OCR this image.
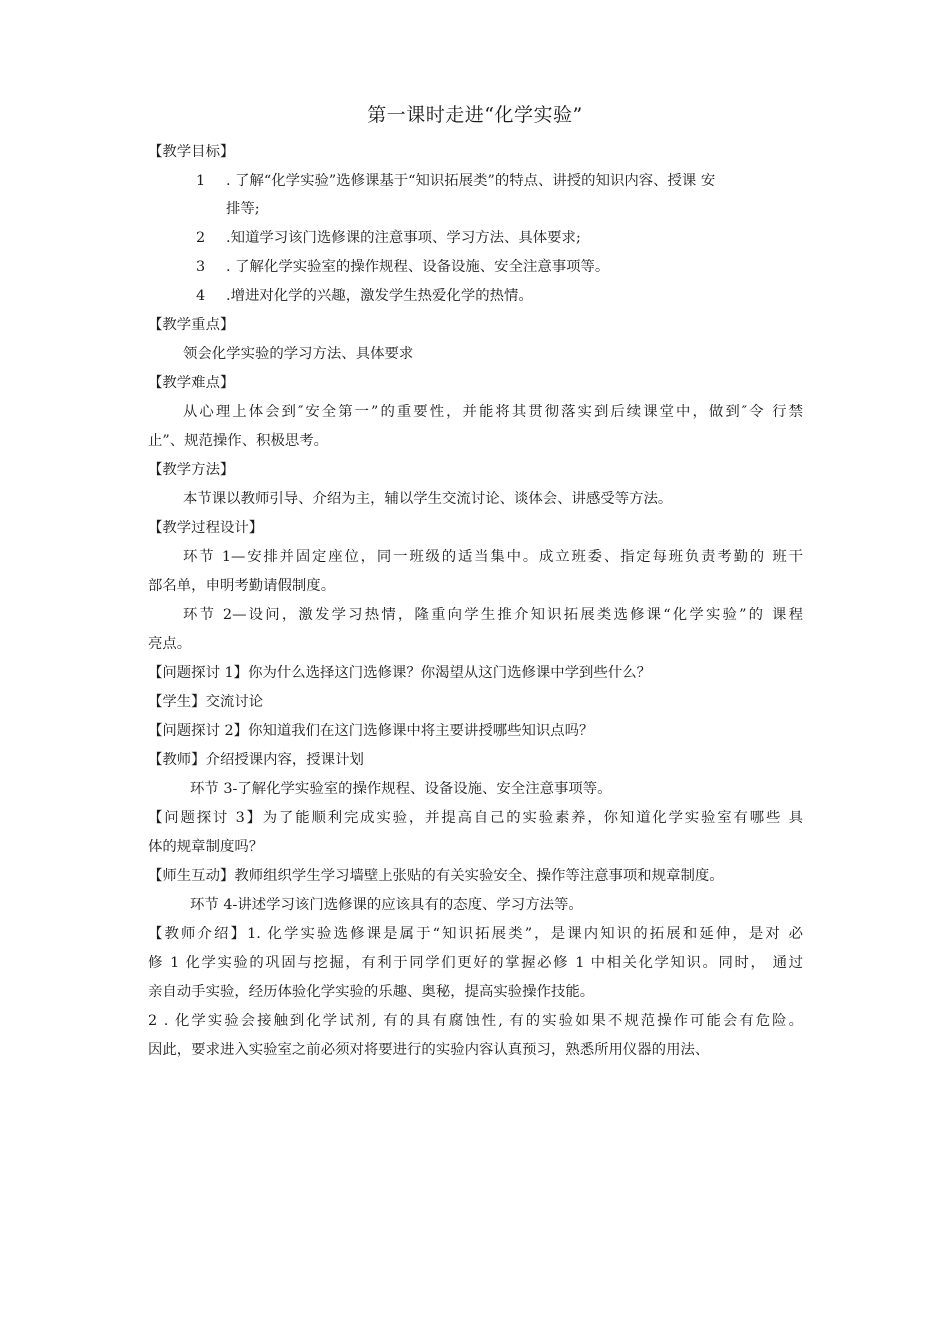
第一课时走进“化学实验”
【教学目标】
1 . 了解“化学实验”选修课基于“知识拓展类”的特点、讲授的知识内容、授课 安
排等;
2 .知道学习该门选修课的注意事项、学习方法、具体要求;
3 . 了解化学实验室的操作规程、设备设施、安全注意事项等。
4 .增进对化学的兴趣，激发学生热爱化学的热情。
【教学重点】
领会化学实验的学习方法、具体要求
【教学难点】
从心理上体会到″安全第一”的重要性，并能将其贯彻落实到后续课堂中，做到″令 行禁
止”、规范操作、积极思考。
【教学方法】
本节课以教师引导、介绍为主，辅以学生交流讨论、谈体会、讲感受等方法。
【教学过程设计】
环节 1—安排并固定座位，同一班级的适当集中。成立班委、指定每班负责考勤的 班干
部名单，申明考勤请假制度。
环节 2—设问，激发学习热情，隆重向学生推介知识拓展类选修课“化学实验”的 课程
亮点。
【问题探讨 1】你为什么选择这门选修课？你渴望从这门选修课中学到些什么？
【学生】交流讨论
【问题探讨 2】你知道我们在这门选修课中将主要讲授哪些知识点吗？
【教师】介绍授课内容，授课计划
环节 3-了解化学实验室的操作规程、设备设施、安全注意事项等。
【问题探讨 3】为了能顺利完成实验，并提高自己的实验素养，你知道化学实验室有哪些 具
体的规章制度吗？
【师生互动】教师组织学生学习墙壁上张贴的有关实验安全、操作等注意事项和规章制度。
环节 4-讲述学习该门选修课的应该具有的态度、学习方法等。
【教师介绍】1. 化学实验选修课是属于“知识拓展类”，是课内知识的拓展和延伸，是对 必
修 1 化学实验的巩固与挖掘，有利于同学们更好的掌握必修 1 中相关化学知识。同时， 通过
亲自动手实验，经历体验化学实验的乐趣、奥秘，提高实验操作技能。
2 . 化学实验会接触到化学试剂, 有的具有腐蚀性, 有的实验如果不规范操作可能会有危险。
因此，要求进入实验室之前必须对将要进行的实验内容认真预习，熟悉所用仪器的用法、
